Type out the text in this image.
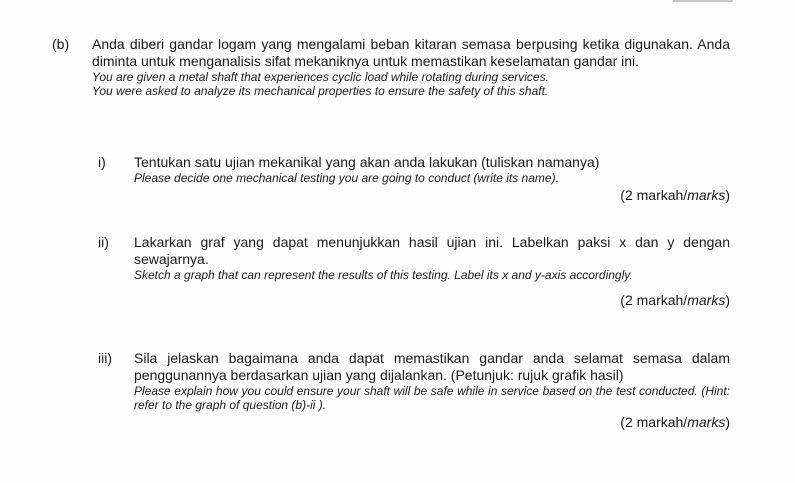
(b) Anda diberi gandar logam yang mengalami beban kitaran semasa berpusing ketika digunakan. Anda diminta untuk menganalisis sifat mekaniknya untuk memastikan keselamatan gandar ini.

You are given a metal shaft that experiences cyclic load while rotating during services.

You were asked to analyze its mechanical properties to ensure the safety of this shaft.

i) Tentukan satu ujian mekanikal yang akan anda lakukan (tuliskan namanya)

Please decide one mechanical testing you are going to conduct (write its name).

(2 markah/marks)

ii) Lakarkan graf yang dapat menunjukkan hasil ujian ini. Labelkan paksi x dan y dengan sewajarnya.

Sketch a graph that can represent the results of this testing. Label its x and y-axis accordingly.

(2 markah/marks)

iii) Sila jelaskan bagaimana anda dapat memastikan gandar anda selamat semasa dalam penggunannya berdasarkan ujian yang dijalankan. (Petunjuk: rujuk grafik hasil)

Please explain how you could ensure your shaft will be safe while in service based on the test conducted. (Hint: refer to the graph of question (b)-ii ).

(2 markah/marks)
